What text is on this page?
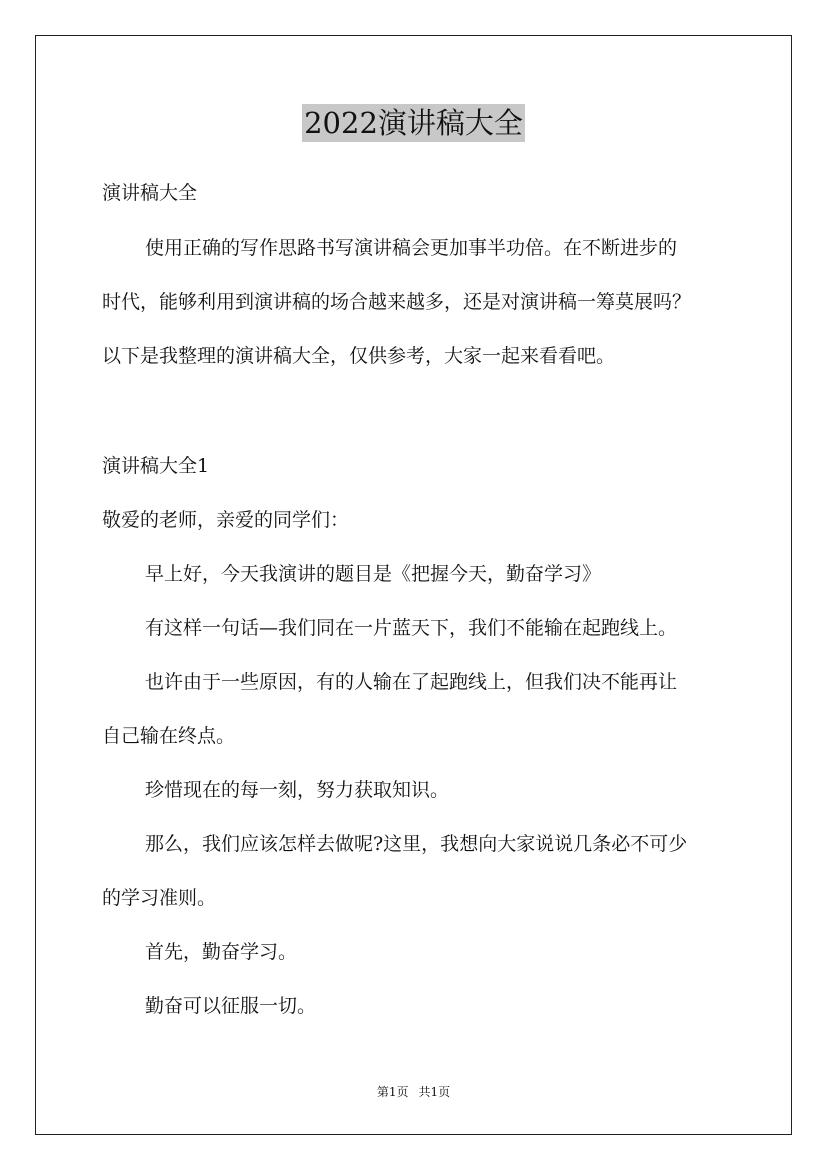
2022演讲稿大全
演讲稿大全
使用正确的写作思路书写演讲稿会更加事半功倍。在不断进步的
时代，能够利用到演讲稿的场合越来越多，还是对演讲稿一筹莫展吗？
以下是我整理的演讲稿大全，仅供参考，大家一起来看看吧。
演讲稿大全1
敬爱的老师，亲爱的同学们：
早上好，今天我演讲的题目是《把握今天，勤奋学习》
有这样一句话—我们同在一片蓝天下，我们不能输在起跑线上。
也许由于一些原因，有的人输在了起跑线上，但我们决不能再让
自己输在终点。
珍惜现在的每一刻，努力获取知识。
那么，我们应该怎样去做呢?这里，我想向大家说说几条必不可少
的学习准则。
首先，勤奋学习。
勤奋可以征服一切。
第1页 共1页
